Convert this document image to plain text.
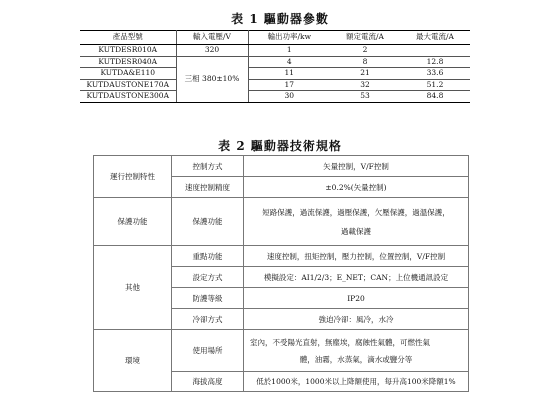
表 1 驅動器參數
產品型號	輸入電壓/V	輸出功率/kw	額定電流/A	最大電流/A
KUTDESR010A	320	1	2	
KUTDESR040A	三相 380±10%	4	8	12.8
KUTDA&E110		11	21	33.6
KUTDAUSTONE170A		17	32	51.2
KUTDAUSTONE300A		30	53	84.8
表 2 驅動器技術規格
運行控制特性	控制方式	矢量控制，V/F控制
	速度控制精度	±0.2%(矢量控制)
保護功能	保護功能	短路保護，過流保護，過壓保護，欠壓保護，過溫保護，
過載保護

其他	重點功能	速度控制，扭矩控制，壓力控制，位置控制，V/F控制
	設定方式	模擬設定：AI1/2/3；E_NET；CAN；上位機通訊設定
	防護等級	IP20
	冷卻方式	強迫冷卻：風冷，水冷
環境	使用場所	室內，不受陽光直射，無塵埃，腐蝕性氣體，可燃性氣
體，油霧，水蒸氣，滴水或鹽分等

	海拔高度	低於1000米，1000米以上降額使用，每升高100米降額1%
